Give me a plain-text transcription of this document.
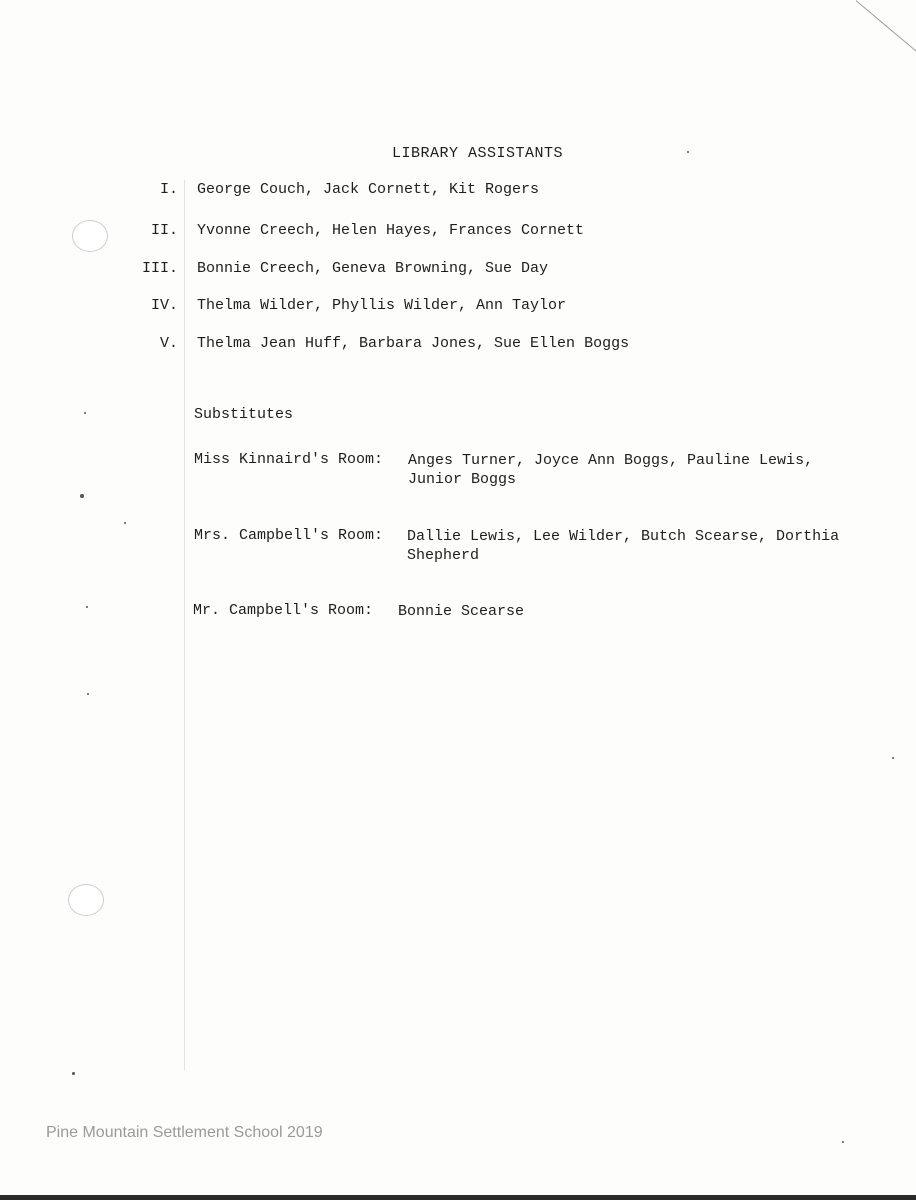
LIBRARY ASSISTANTS
I. George Couch, Jack Cornett, Kit Rogers
II. Yvonne Creech, Helen Hayes, Frances Cornett
III. Bonnie Creech, Geneva Browning, Sue Day
IV. Thelma Wilder, Phyllis Wilder, Ann Taylor
V. Thelma Jean Huff, Barbara Jones, Sue Ellen Boggs
Substitutes
Miss Kinnaird's Room: Anges Turner, Joyce Ann Boggs, Pauline Lewis,
Junior Boggs
Mrs. Campbell's Room: Dallie Lewis, Lee Wilder, Butch Scearse, Dorthia
Shepherd
Mr. Campbell's Room: Bonnie Scearse
Pine Mountain Settlement School 2019
